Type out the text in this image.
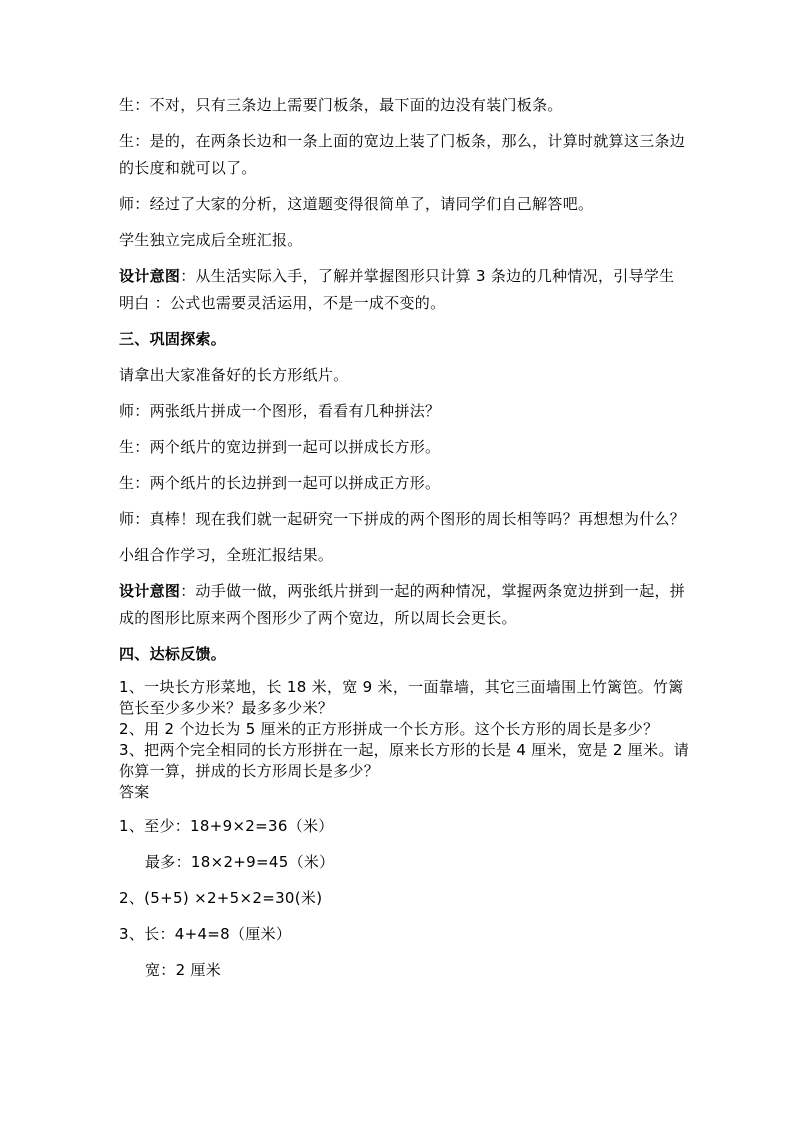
生：不对，只有三条边上需要门板条，最下面的边没有装门板条。

生：是的，在两条长边和一条上面的宽边上装了门板条，那么，计算时就算这三条边的长度和就可以了。

师：经过了大家的分析，这道题变得很简单了，请同学们自己解答吧。

学生独立完成后全班汇报。

设计意图：从生活实际入手，了解并掌握图形只计算 3 条边的几种情况，引导学生明白 ：公式也需要灵活运用，不是一成不变的。

三、巩固探索。

请拿出大家准备好的长方形纸片。

师：两张纸片拼成一个图形，看看有几种拼法？

生：两个纸片的宽边拼到一起可以拼成长方形。

生：两个纸片的长边拼到一起可以拼成正方形。

师：真棒！现在我们就一起研究一下拼成的两个图形的周长相等吗？再想想为什么？

小组合作学习，全班汇报结果。

设计意图：动手做一做，两张纸片拼到一起的两种情况，掌握两条宽边拼到一起，拼成的图形比原来两个图形少了两个宽边，所以周长会更长。

四、达标反馈。

1、一块长方形菜地，长 18 米，宽 9 米，一面靠墙，其它三面墙围上竹篱笆。竹篱笆长至少多少米？最多多少米？

2、用 2 个边长为 5 厘米的正方形拼成一个长方形。这个长方形的周长是多少？

3、把两个完全相同的长方形拼在一起，原来长方形的长是 4 厘米，宽是 2 厘米。请你算一算，拼成的长方形周长是多少？

答案

1、至少：18+9×2=36（米）

最多：18×2+9=45（米）

2、(5+5) ×2+5×2=30(米)

3、长：4+4=8（厘米）

宽：2 厘米
